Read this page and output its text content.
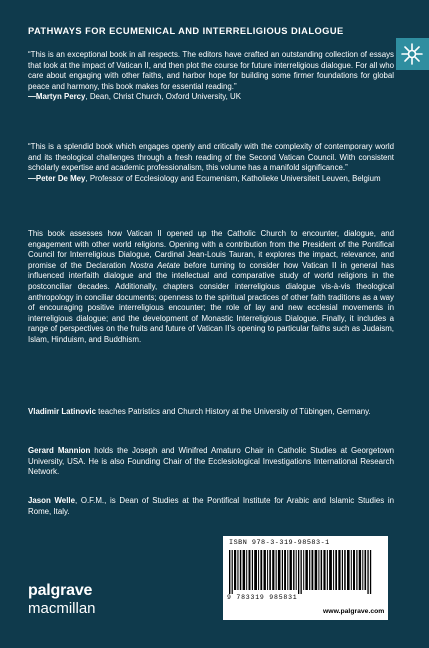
PATHWAYS FOR ECUMENICAL AND INTERRELIGIOUS DIALOGUE

“This is an exceptional book in all respects. The editors have crafted an outstanding collection of essays that look at the impact of Vatican II, and then plot the course for future interreligious dialogue. For all who care about engaging with other faiths, and harbor hope for building some firmer foundations for global peace and harmony, this book makes for essential reading.”
—Martyn Percy, Dean, Christ Church, Oxford University, UK

“This is a splendid book which engages openly and critically with the complexity of contemporary world and its theological challenges through a fresh reading of the Second Vatican Council. With consistent scholarly expertise and academic professionalism, this volume has a manifold significance.”
—Peter De Mey, Professor of Ecclesiology and Ecumenism, Katholieke Universiteit Leuven, Belgium

This book assesses how Vatican II opened up the Catholic Church to encounter, dialogue, and engagement with other world religions. Opening with a contribution from the President of the Pontifical Council for Interreligious Dialogue, Cardinal Jean-Louis Tauran, it explores the impact, relevance, and promise of the Declaration Nostra Aetate before turning to consider how Vatican II in general has influenced interfaith dialogue and the intellectual and comparative study of world religions in the postconciliar decades. Additionally, chapters consider interreligious dialogue vis-à-vis theological anthropology in conciliar documents; openness to the spiritual practices of other faith traditions as a way of encouraging positive interreligious encounter; the role of lay and new ecclesial movements in interreligious dialogue; and the development of Monastic Interreligious Dialogue. Finally, it includes a range of perspectives on the fruits and future of Vatican II’s opening to particular faiths such as Judaism, Islam, Hinduism, and Buddhism.

Vladimir Latinovic teaches Patristics and Church History at the University of Tübingen, Germany.

Gerard Mannion holds the Joseph and Winifred Amaturo Chair in Catholic Studies at Georgetown University, USA. He is also Founding Chair of the Ecclesiological Investigations International Research Network.

Jason Welle, O.F.M., is Dean of Studies at the Pontifical Institute for Arabic and Islamic Studies in Rome, Italy.

palgrave
macmillan
ISBN 978-3-319-98583-1
9 783319 985831
www.palgrave.com
